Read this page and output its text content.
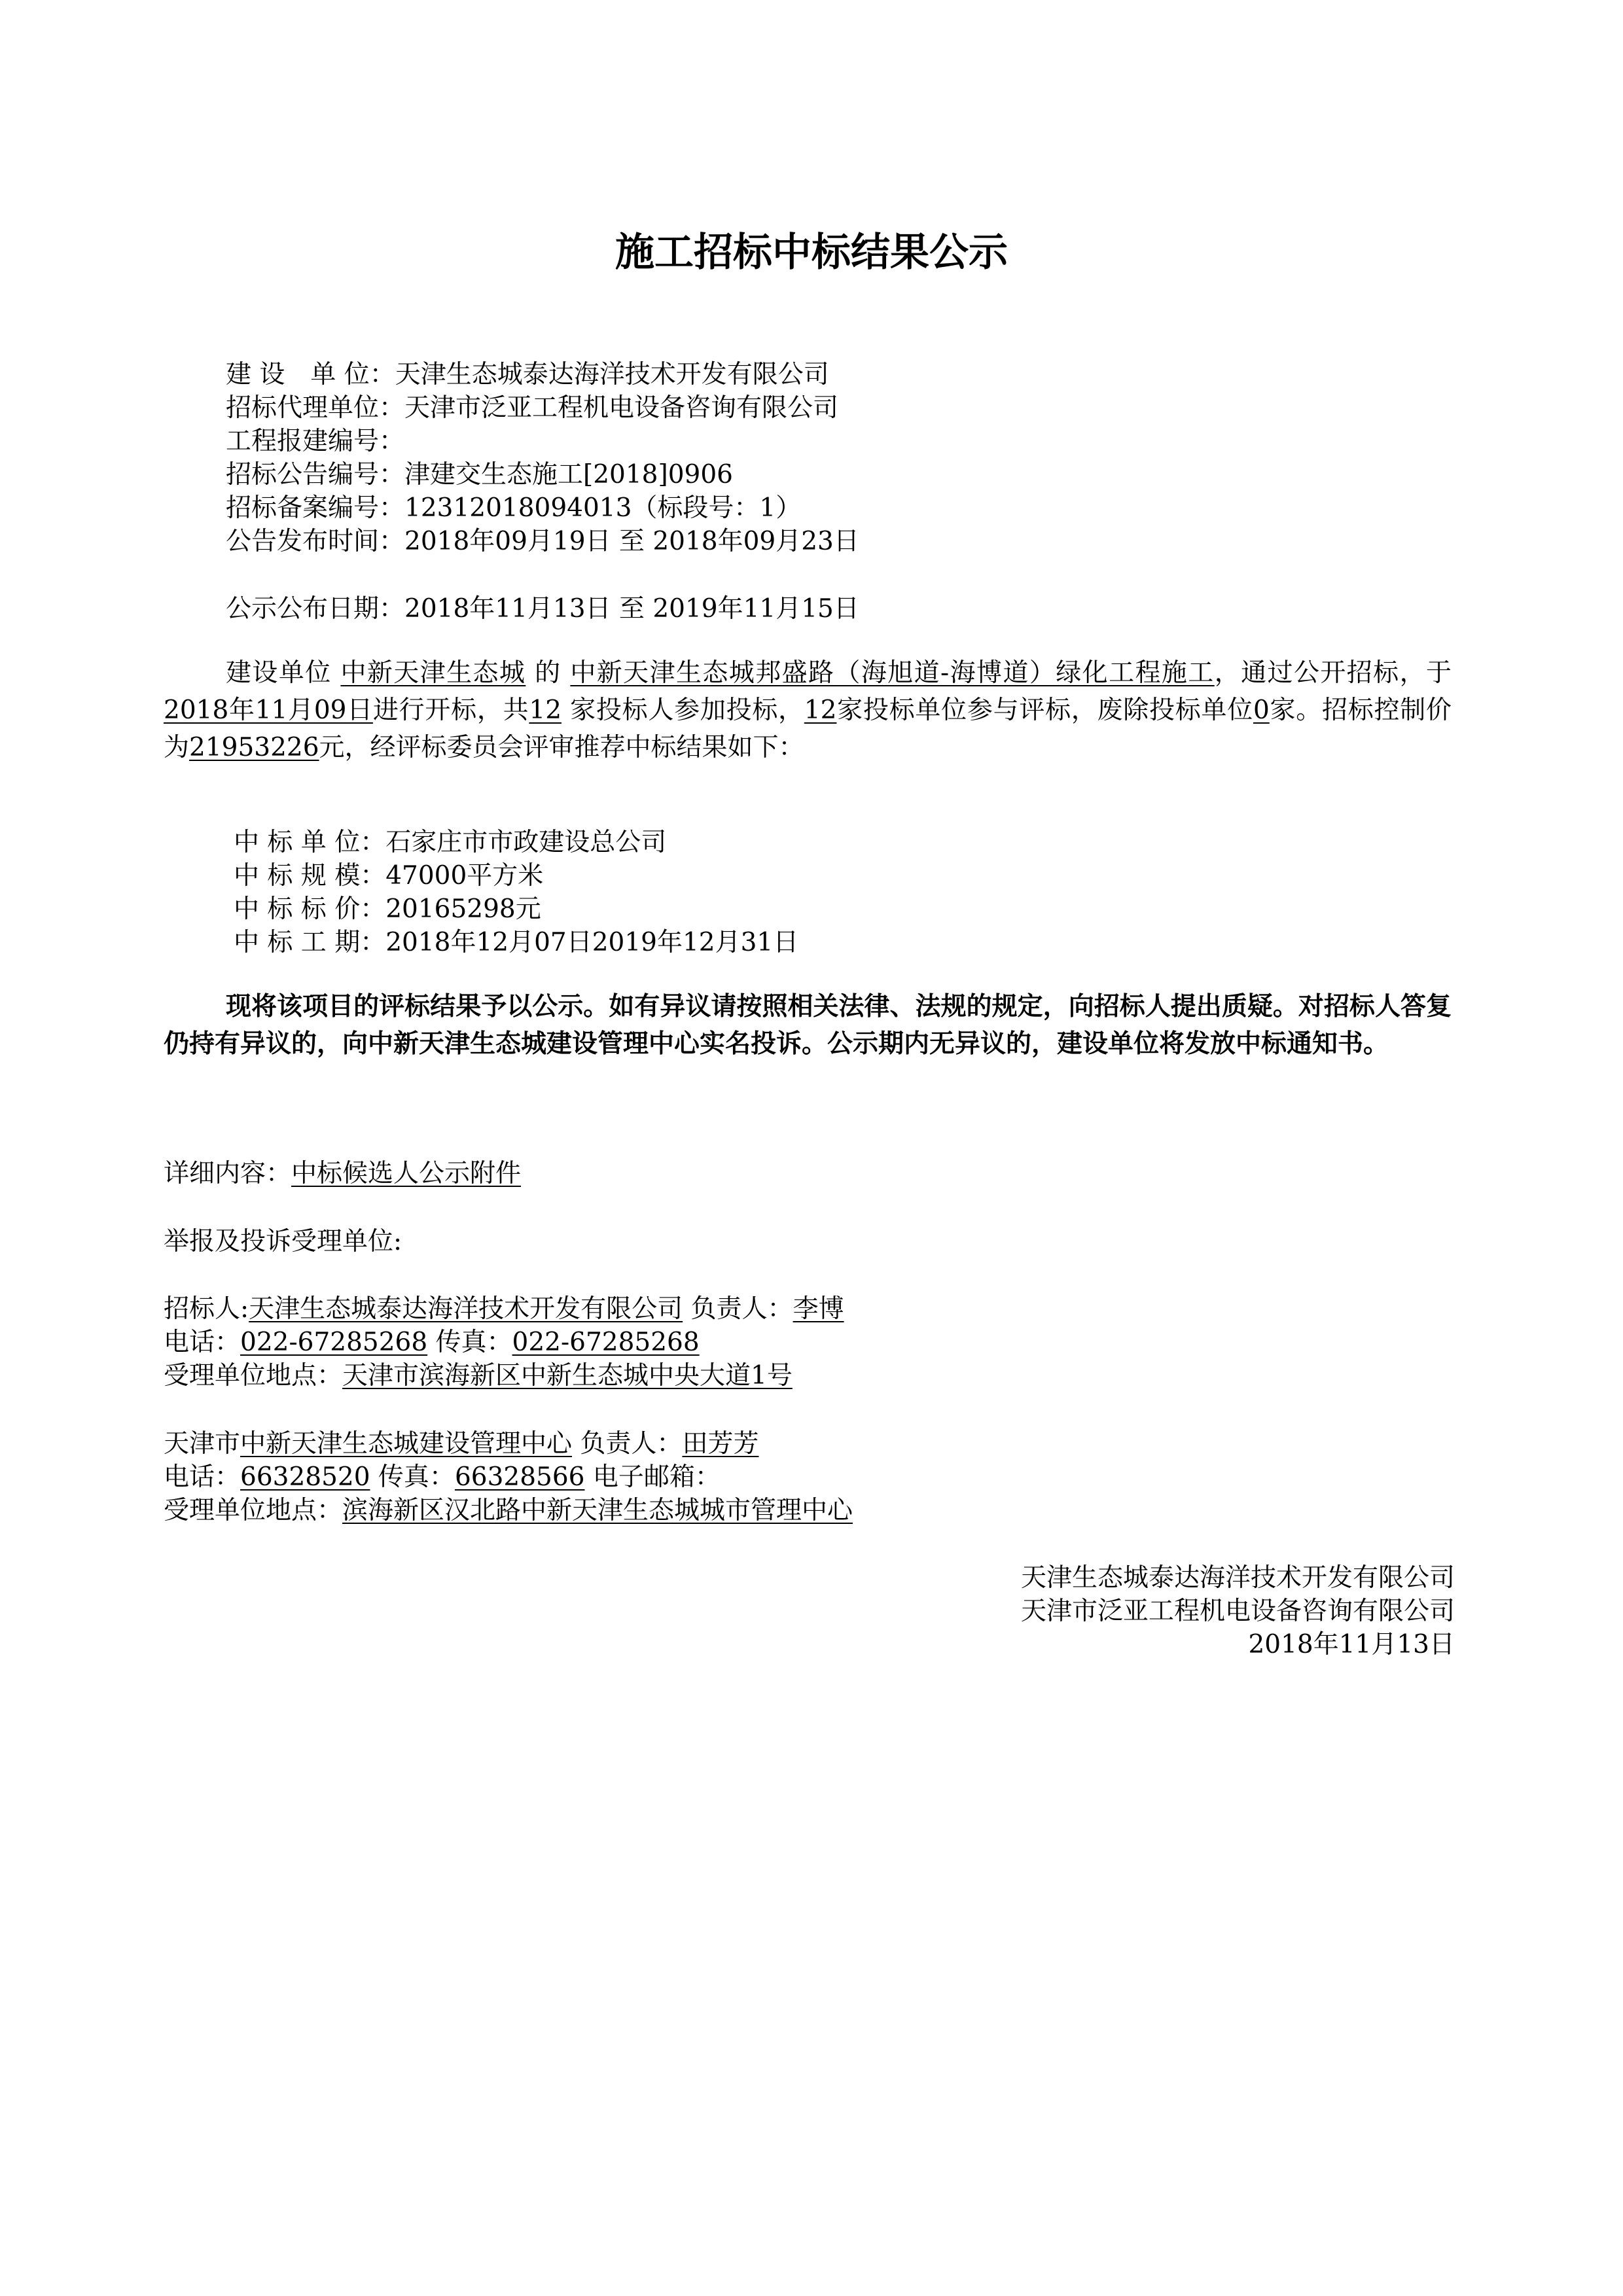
施工招标中标结果公示
建 设　单 位：天津生态城泰达海洋技术开发有限公司
招标代理单位：天津市泛亚工程机电设备咨询有限公司
工程报建编号：
招标公告编号：津建交生态施工[2018]0906
招标备案编号：12312018094013（标段号：1）
公告发布时间：2018年09月19日 至 2018年09月23日
公示公布日期：2018年11月13日 至 2019年11月15日
建设单位 中新天津生态城 的 中新天津生态城邦盛路（海旭道-海博道）绿化工程施工，通过公开招标，于2018年11月09日进行开标，共12 家投标人参加投标，12家投标单位参与评标，废除投标单位0家。招标控制价为21953226元，经评标委员会评审推荐中标结果如下：
中 标 单 位：石家庄市市政建设总公司
中 标 规 模：47000平方米
中 标 标 价：20165298元
中 标 工 期：2018年12月07日2019年12月31日
现将该项目的评标结果予以公示。如有异议请按照相关法律、法规的规定，向招标人提出质疑。对招标人答复仍持有异议的，向中新天津生态城建设管理中心实名投诉。公示期内无异议的，建设单位将发放中标通知书。
详细内容：中标候选人公示附件
举报及投诉受理单位:
招标人:天津生态城泰达海洋技术开发有限公司 负责人：李博
电话：022-67285268 传真：022-67285268
受理单位地点：天津市滨海新区中新生态城中央大道1号
天津市中新天津生态城建设管理中心 负责人：田芳芳
电话：66328520 传真：66328566 电子邮箱：
受理单位地点：滨海新区汉北路中新天津生态城城市管理中心
天津生态城泰达海洋技术开发有限公司
天津市泛亚工程机电设备咨询有限公司
2018年11月13日
